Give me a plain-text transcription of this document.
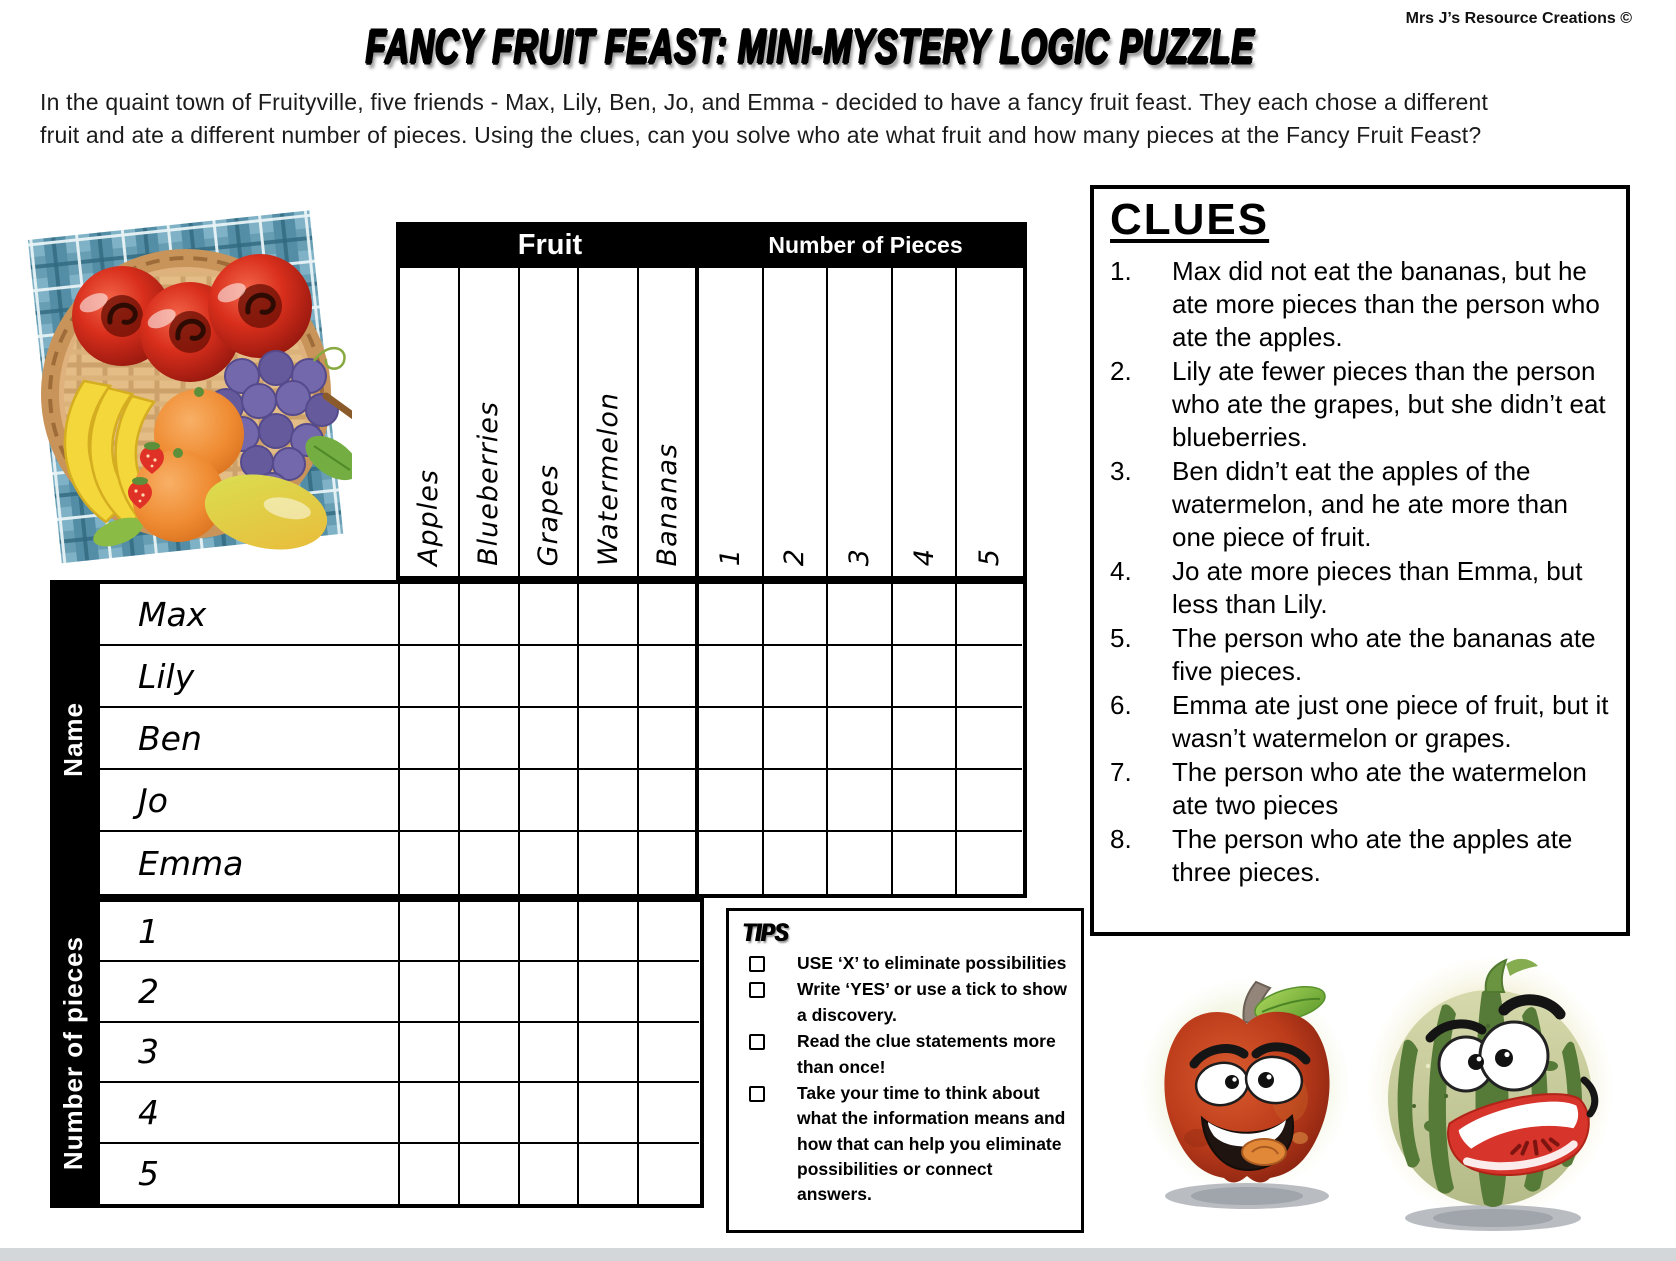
Mrs J’s Resource Creations ©
FANCY FRUIT FEAST: MINI-MYSTERY LOGIC PUZZLE

In the quaint town of Fruityville, five friends - Max, Lily, Ben, Jo, and Emma - decided to have a fancy fruit feast. They each chose a different fruit and ate a different number of pieces. Using the clues, can you solve who ate what fruit and how many pieces at the Fancy Fruit Feast?

Fruit	Number of Pieces
Apples Blueberries Grapes Watermelon Bananas 1 2 3 4 5
Name
Number of pieces
Max
Lily
Ben
Jo
Emma
1
2
3
4
5
TIPS
USE ‘X’ to eliminate possibilities
Write ‘YES’ or use a tick to show a discovery.
Read the clue statements more than once!
Take your time to think about what the information means and how that can help you eliminate possibilities or connect answers.
CLUES
1.	Max did not eat the bananas, but he ate more pieces than the person who ate the apples.
2.	Lily ate fewer pieces than the person who ate the grapes, but she didn’t eat blueberries.
3.	Ben didn’t eat the apples of the watermelon, and he ate more than one piece of fruit.
4.	Jo ate more pieces than Emma, but less than Lily.
5.	The person who ate the bananas ate five pieces.
6.	Emma ate just one piece of fruit, but it wasn’t watermelon or grapes.
7.	The person who ate the watermelon ate two pieces
8.	The person who ate the apples ate three pieces.
